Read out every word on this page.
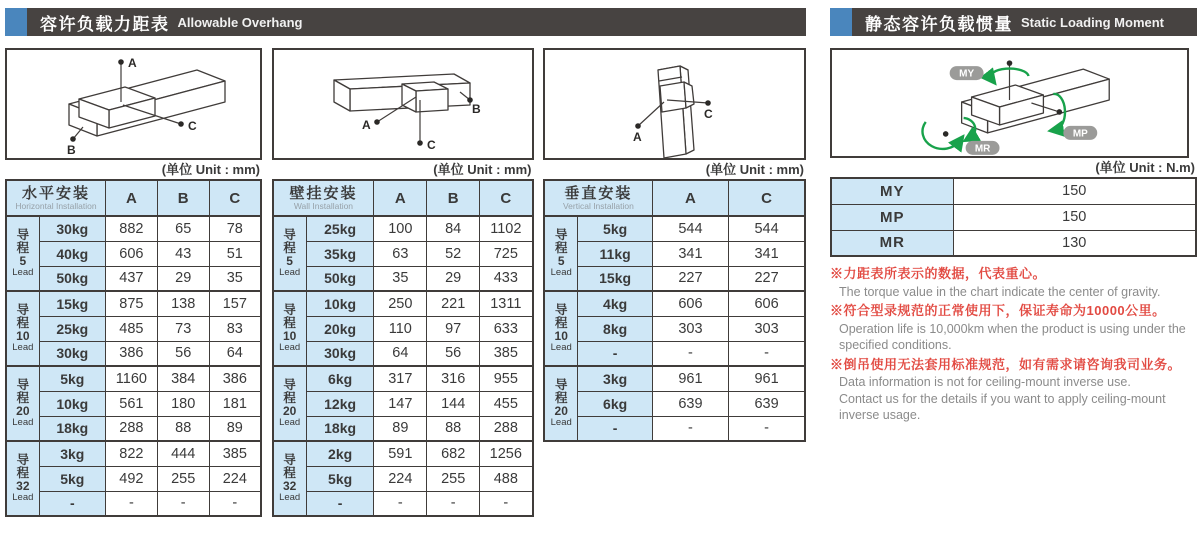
容许负载力距表 Allowable Overhang
A
C
B
(单位 Unit : mm)
水平安装
Horizontal Installation		A	B	C

导
程
5
Lead	30kg	882	65	78
	40kg	606	43	51
	50kg	437	29	35

导
程
10
Lead	15kg	875	138	157
	25kg	485	73	83
	30kg	386	56	64

导
程
20
Lead	5kg	1160	384	386
	10kg	561	180	181
	18kg	288	88	89

导
程
32
Lead	3kg	822	444	385
	5kg	492	255	224
	-	-	-	-
B
A
C
(单位 Unit : mm)
壁挂安装
Wall Installation		A	B	C

导
程
5
Lead	25kg	100	84	1102
	35kg	63	52	725
	50kg	35	29	433

导
程
10
Lead	10kg	250	221	1311
	20kg	110	97	633
	30kg	64	56	385

导
程
20
Lead	6kg	317	316	955
	12kg	147	144	455
	18kg	89	88	288

导
程
32
Lead	2kg	591	682	1256
	5kg	224	255	488
	-	-	-	-
A
C
(单位 Unit : mm)
垂直安装
Vertical Installation		A	C

导
程
5
Lead	5kg	544	544
	11kg	341	341
	15kg	227	227

导
程
10
Lead	4kg	606	606
	8kg	303	303
	-	-	-

导
程
20
Lead	3kg	961	961
	6kg	639	639
	-	-	-
静态容许负载惯量 Static Loading Moment
MY
MP
MR
(单位 Unit : N.m)
MY	150
MP	150
MR	130
※力距表所表示的数据，代表重心。
The torque value in the chart indicate the center of gravity.
※符合型录规范的正常使用下，保证寿命为10000公里。
Operation life is 10,000km when the product is using under the
specified conditions.
※倒吊使用无法套用标准规范，如有需求请咨询我司业务。
Data information is not for ceiling-mount inverse use.
Contact us for the details if you want to apply ceiling-mount
inverse usage.
